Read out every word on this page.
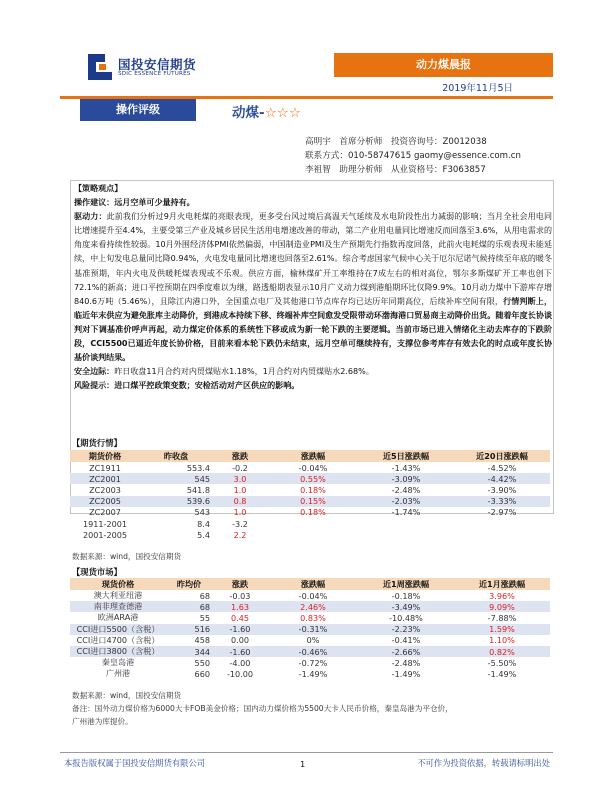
国投安信期货
SDIC ESSENCE FUTURES
动力煤晨报
2019年11月5日
操作评级	动煤-☆☆☆
高明宇　首席分析师　投资咨询号：Z0012038
联系方式：010-58747615 gaomy@essence.com.cn
李祖智　助理分析师　从业资格号：F3063857

【策略观点】

操作建议：远月空单可少量持有。

驱动力：此前我们分析过9月火电耗煤的亮眼表现，更多受台风过境后高温天气延续及水电阶段性出力减弱的影响；当月全社会用电同比增速提升至4.4%，主要受第三产业及城乡居民生活用电增速改善的带动，第二产业用电量同比增速反而回落至3.6%，从用电需求的角度来看持续性较弱。10月外围经济体PMI依然偏弱，中国制造业PMI及生产预期先行指数再度回落，此前火电耗煤的乐观表现未能延续，中上旬发电总量同比降0.94%，火电发电量同比增速也回落至2.61%。综合考虑国家气候中心关于厄尔尼诺气候持续至年底的暖冬基准预期，年内火电及供暖耗煤表现或不乐观。供应方面，榆林煤矿开工率维持在7成左右的相对高位，鄂尔多斯煤矿开工率也创下72.1%的新高；进口平控预期在四季度难以为继，路透船期表显示10月广义动力煤到港船期环比仅降9.9%。10月动力煤中下游库存增840.6万吨（5.46%），且除江内港口外，全国重点电厂及其他港口节点库存均已达历年同期高位，后续补库空间有限，行情判断上，临近年末供应为避免胀库主动降价，到港成本持续下移、终端补库空间愈发受限带动环渤海港口贸易商主动降价出货。随着年度长协谈判对下调基准价呼声再起，动力煤定价体系的系统性下移或成为新一轮下跌的主要逻辑。当前市场已进入情绪化主动去库存的下跌阶段，CCI5500已逼近年度长协价格，目前来看本轮下跌仍未结束，远月空单可继续持有，支撑位参考库存有效去化的时点或年度长协基价谈判结果。

安全边际：昨日收盘11月合约对内贸煤贴水1.18%，1月合约对内贸煤贴水2.68%。

风险提示：进口煤平控政策变数；安检活动对产区供应的影响。

【期货行情】
期货价格	昨收盘	涨跌	涨跌幅	近5日涨跌幅	近20日涨跌幅
ZC1911	553.4	-0.2	-0.04%	-1.43%	-4.52%
ZC2001	545	3.0	0.55%	-3.09%	-4.42%
ZC2003	541.8	1.0	0.18%	-2.48%	-3.90%
ZC2005	539.6	0.8	0.15%	-2.03%	-3.33%
ZC2007	543	1.0	0.18%	-1.74%	-2.97%
1911-2001	8.4	-3.2			
2001-2005	5.4	2.2			
数据来源：wind，国投安信期货
【现货市场】
现货价格	昨均价	涨跌	涨跌幅	近1周涨跌幅	近1月涨跌幅
澳大利亚纽港	68	-0.03	-0.04%	-0.18%	3.96%
南非理查德港	68	1.63	2.46%	-3.49%	9.09%
欧洲ARA港	55	0.45	0.83%	-10.48%	-7.88%
CCI进口5500（含税）	516	-1.60	-0.31%	-2.23%	1.59%
CCI进口4700（含税）	458	0.00	0%	-0.41%	1.10%
CCI进口3800（含税）	344	-1.60	-0.46%	-2.66%	0.82%
秦皇岛港	550	-4.00	-0.72%	-2.48%	-5.50%
广州港	660	-10.00	-1.49%	-1.49%	-1.49%
数据来源：wind，国投安信期货
备注：国外动力煤价格为6000大卡FOB美金价格；国内动力煤价格为5500大卡人民币价格，秦皇岛港为平仓价，
广州港为库提价。
本报告版权属于国投安信期货有限公司	1	不可作为投资依据，转载请标明出处
